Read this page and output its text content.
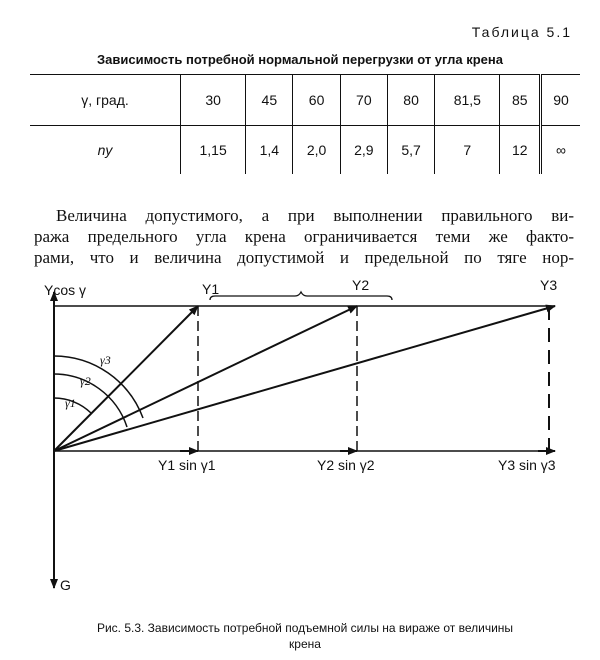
Таблица 5.1
Зависимость потребной нормальной перегрузки от угла крена
γ, град.	30	45	60	70	80	81,5	85	90
nу	1,15	1,4	2,0	2,9	5,7	7	12	∞
Величина допустимого, а при выполнении правильного ви-
ража предельного угла крена ограничивается теми же факто-
рами, что и величина допустимой и предельной по тяге нор-
Ycos γ
G
Y1	Y2	Y3
Y1 sin γ1	Y2 sin γ2	Y3 sin γ3
γ1
γ2
γ3
Рис. 5.3. Зависимость потребной подъемной силы на вираже от величины
крена
